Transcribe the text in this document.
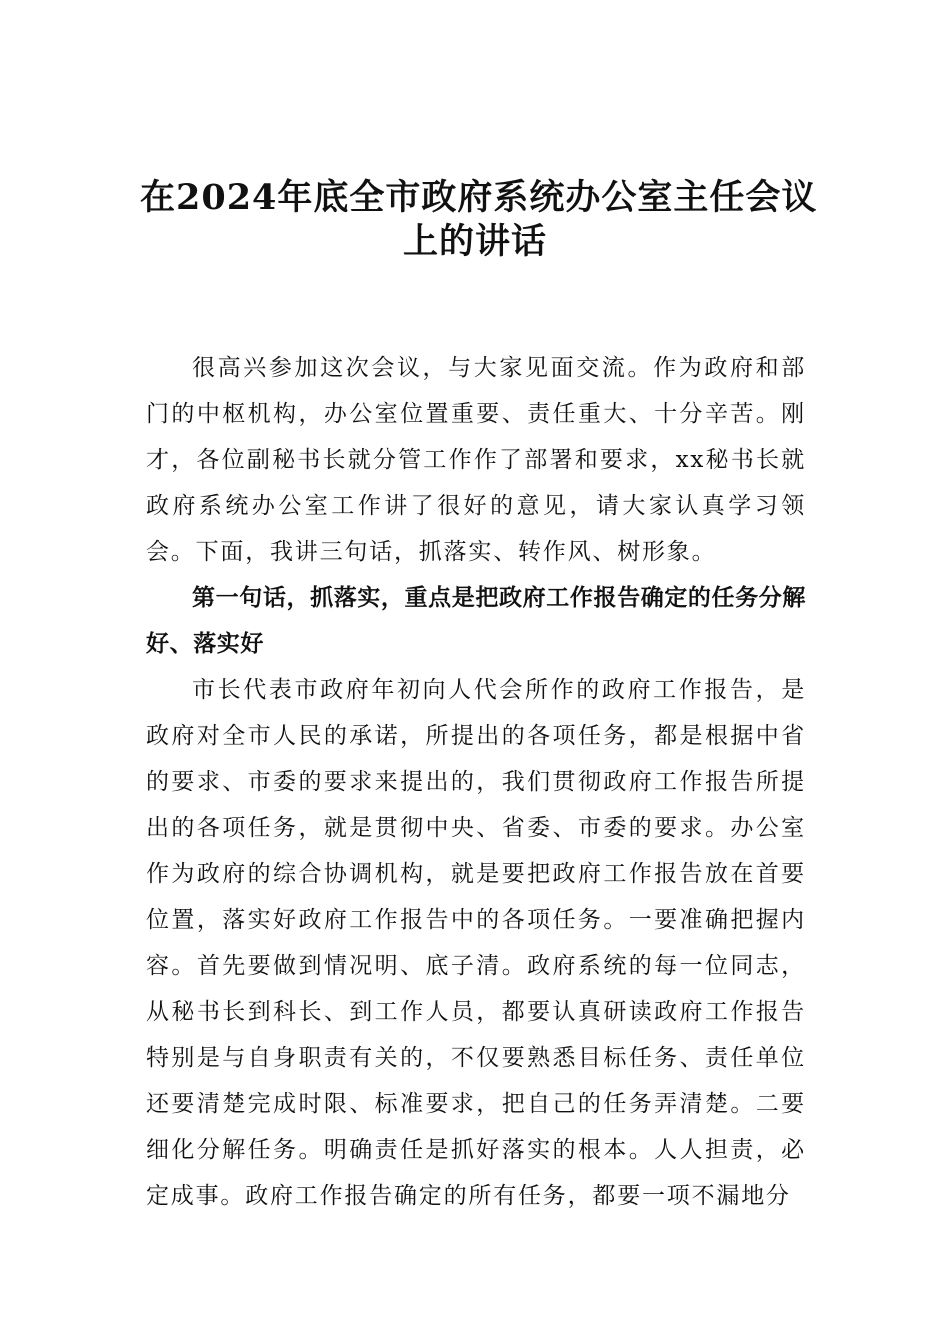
在2024年底全市政府系统办公室主任会议
上的讲话

很高兴参加这次会议，与大家见面交流。作为政府和部门的中枢机构，办公室位置重要、责任重大、十分辛苦。刚才，各位副秘书长就分管工作作了部署和要求，xx秘书长就政府系统办公室工作讲了很好的意见，请大家认真学习领会。下面，我讲三句话，抓落实、转作风、树形象。

第一句话，抓落实，重点是把政府工作报告确定的任务分解好、落实好

市长代表市政府年初向人代会所作的政府工作报告，是政府对全市人民的承诺，所提出的各项任务，都是根据中省的要求、市委的要求来提出的，我们贯彻政府工作报告所提出的各项任务，就是贯彻中央、省委、市委的要求。办公室作为政府的综合协调机构，就是要把政府工作报告放在首要位置，落实好政府工作报告中的各项任务。一要准确把握内容。首先要做到情况明、底子清。政府系统的每一位同志，从秘书长到科长、到工作人员，都要认真研读政府工作报告特别是与自身职责有关的，不仅要熟悉目标任务、责任单位还要清楚完成时限、标准要求，把自己的任务弄清楚。二要细化分解任务。明确责任是抓好落实的根本。人人担责，必定成事。政府工作报告确定的所有任务，都要一项不漏地分
